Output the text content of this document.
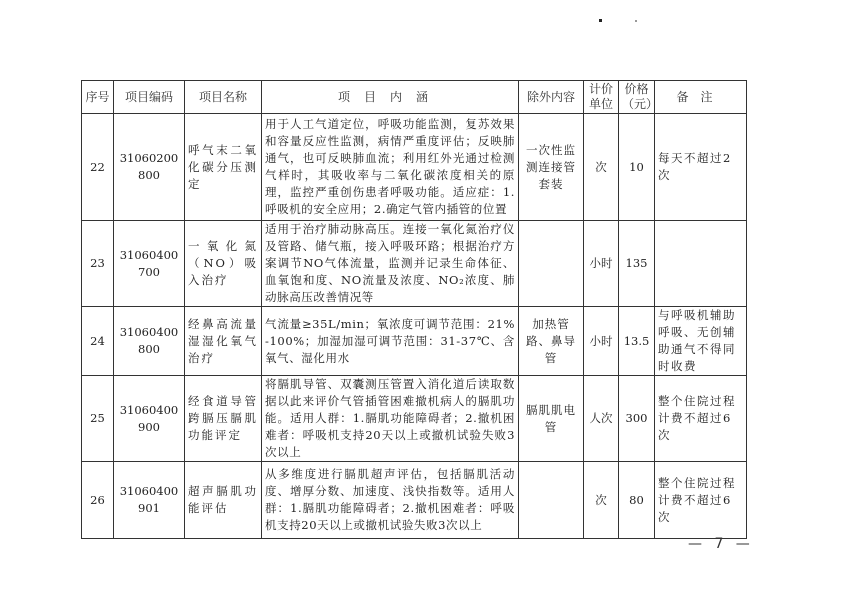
序号	项目编码	项目名称	项目内涵	除外内容	计价单位	价格（元）	备注
22	31060200800	呼气末二氧化碳分压测定	用于人工气道定位，呼吸功能监测，复苏效果和容量反应性监测，病情严重度评估；反映肺通气，也可反映肺血流；利用红外光通过检测气样时，其吸收率与二氧化碳浓度相关的原理，监控严重创伤患者呼吸功能。适应症：1.呼吸机的安全应用；2.确定气管内插管的位置	一次性监测连接管套装	次	10	每天不超过2次
23	31060400700	一氧化氮（NO）吸入治疗	适用于治疗肺动脉高压。连接一氧化氮治疗仪及管路、储气瓶，接入呼吸环路；根据治疗方案调节NO气体流量，监测并记录生命体征、血氧饱和度、NO流量及浓度、NO₂浓度、肺动脉高压改善情况等		小时	135	
24	31060400800	经鼻高流量湿湿化氧气治疗	气流量≥35L/min；氧浓度可调节范围：21%-100%；加湿加湿可调节范围：31-37℃、含氧气、湿化用水	加热管路、鼻导管	小时	13.5	与呼吸机辅助呼吸、无创辅助通气不得同时收费
25	31060400900	经食道导管跨膈压膈肌功能评定	将膈肌导管、双囊测压管置入消化道后读取数据以此来评价气管插管困难撤机病人的膈肌功能。适用人群：1.膈肌功能障碍者；2.撤机困难者：呼吸机支持20天以上或撤机试验失败3次以上	膈肌肌电管	人次	300	整个住院过程计费不超过6次
26	31060400901	超声膈肌功能评估	从多维度进行膈肌超声评估，包括膈肌活动度、增厚分数、加速度、浅快指数等。适用人群：1.膈肌功能障碍者；2.撤机困难者：呼吸机支持20天以上或撤机试验失败3次以上		次	80	整个住院过程计费不超过6次
— 7 —
